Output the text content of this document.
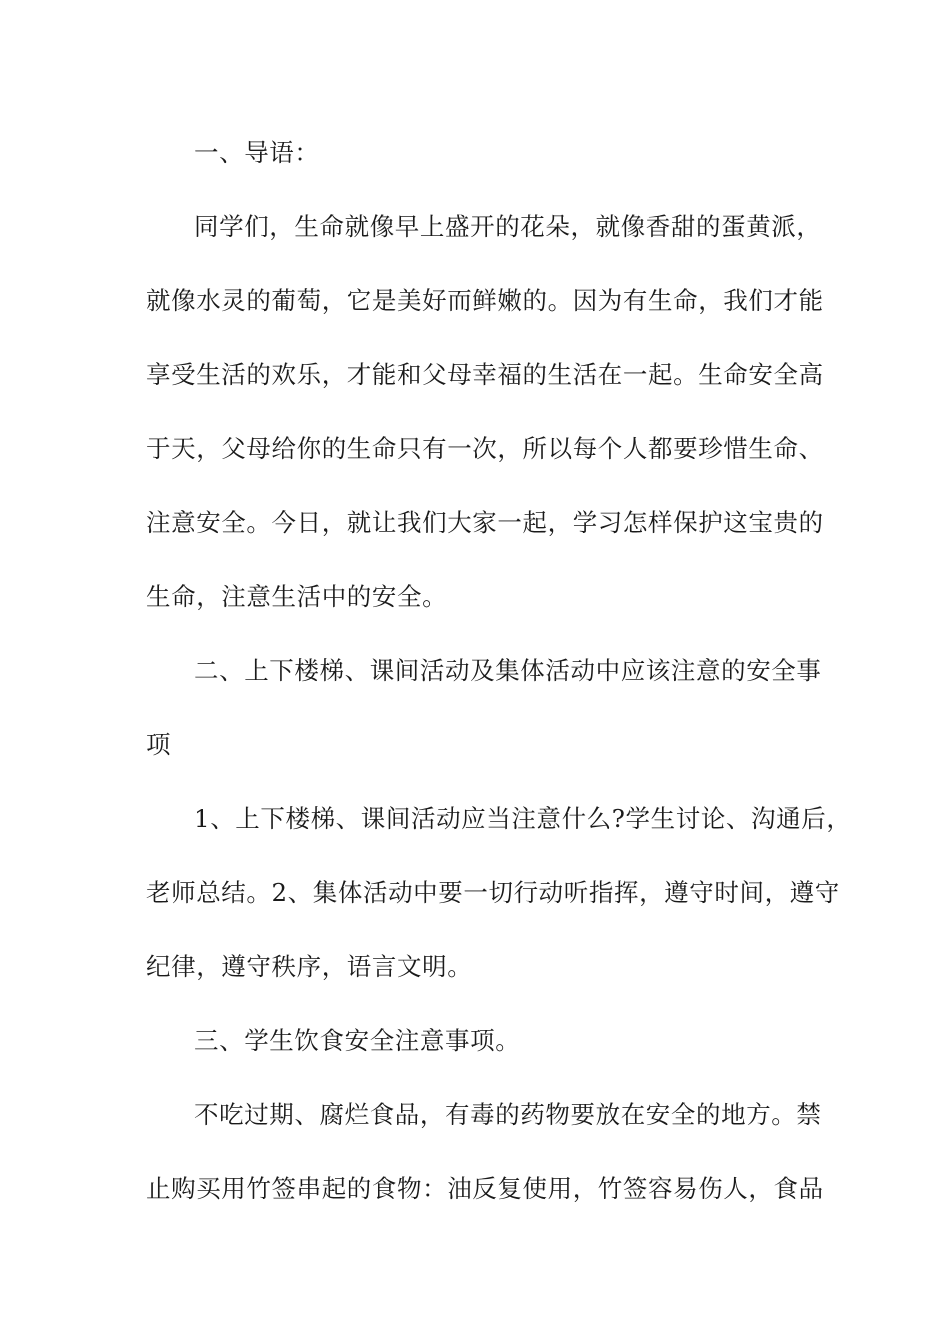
一、导语：
同学们，生命就像早上盛开的花朵，就像香甜的蛋黄派，
就像水灵的葡萄，它是美好而鲜嫩的。因为有生命，我们才能
享受生活的欢乐，才能和父母幸福的生活在一起。生命安全高
于天，父母给你的生命只有一次，所以每个人都要珍惜生命、
注意安全。今日，就让我们大家一起，学习怎样保护这宝贵的
生命，注意生活中的安全。
二、上下楼梯、课间活动及集体活动中应该注意的安全事
项
1、上下楼梯、课间活动应当注意什么?学生讨论、沟通后，
老师总结。2、集体活动中要一切行动听指挥，遵守时间，遵守
纪律，遵守秩序，语言文明。
三、学生饮食安全注意事项。
不吃过期、腐烂食品，有毒的药物要放在安全的地方。禁
止购买用竹签串起的食物：油反复使用，竹签容易伤人，食品
